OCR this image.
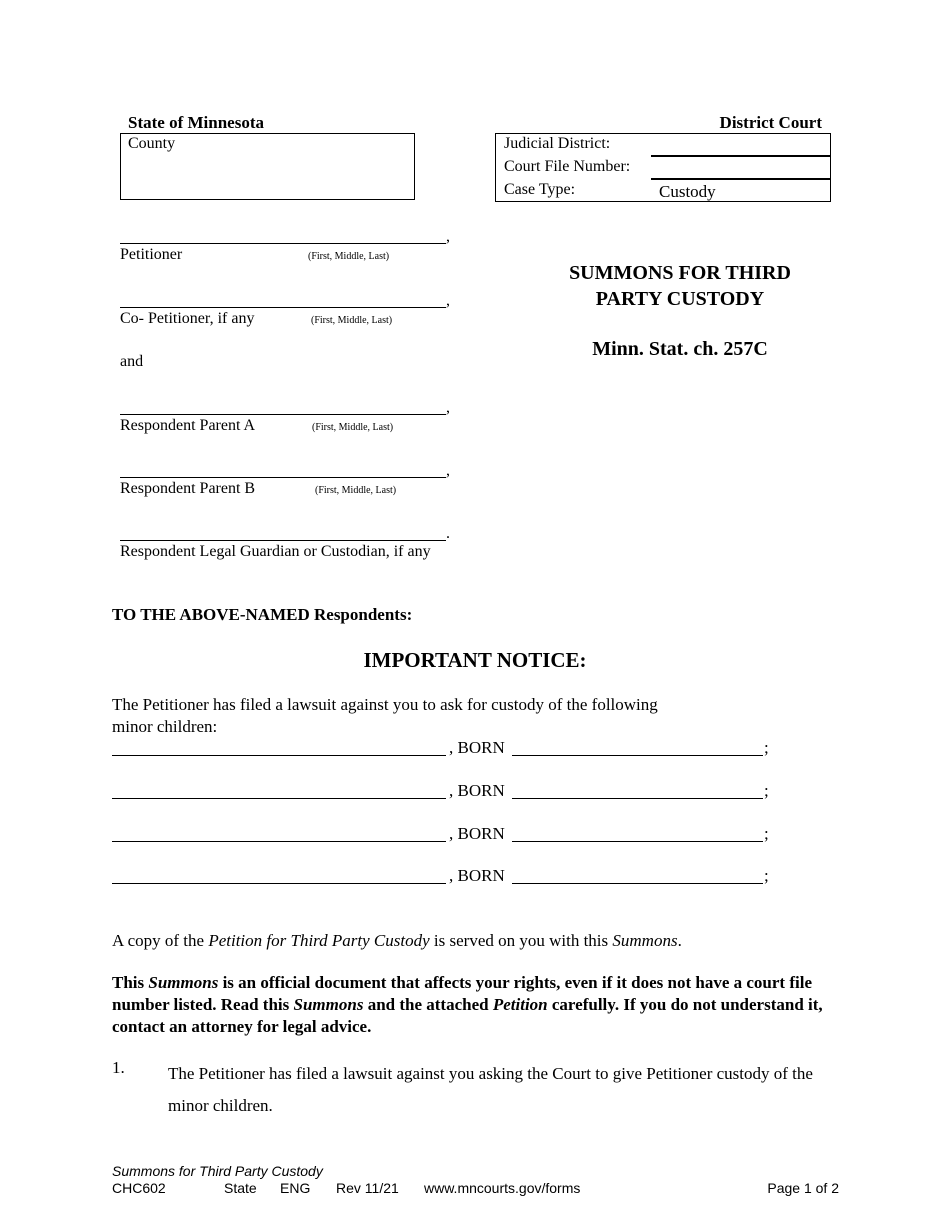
State of Minnesota	District Court
County	Judicial District:
Court File Number:
Case Type:	Custody
,
Petitioner	(First, Middle, Last)
,
Co- Petitioner, if any	(First, Middle, Last)
and
,
Respondent Parent A	(First, Middle, Last)
,
Respondent Parent B	(First, Middle, Last)
.
Respondent Legal Guardian or Custodian, if any
SUMMONS FOR THIRD
PARTY CUSTODY
Minn. Stat. ch. 257C
TO THE ABOVE-NAMED Respondents:
IMPORTANT NOTICE:
The Petitioner has filed a lawsuit against you to ask for custody of the following
minor children:
, BORN	;
, BORN	;
, BORN	;
, BORN	;
A copy of the Petition for Third Party Custody is served on you with this Summons.
This Summons is an official document that affects your rights, even if it does not have a court file number listed. Read this Summons and the attached Petition carefully. If you do not understand it, contact an attorney for legal advice.
1.	The Petitioner has filed a lawsuit against you asking the Court to give Petitioner custody of the minor children.
Summons for Third Party Custody
CHC602	State ENG Rev 11/21 www.mncourts.gov/forms	Page 1 of 2
